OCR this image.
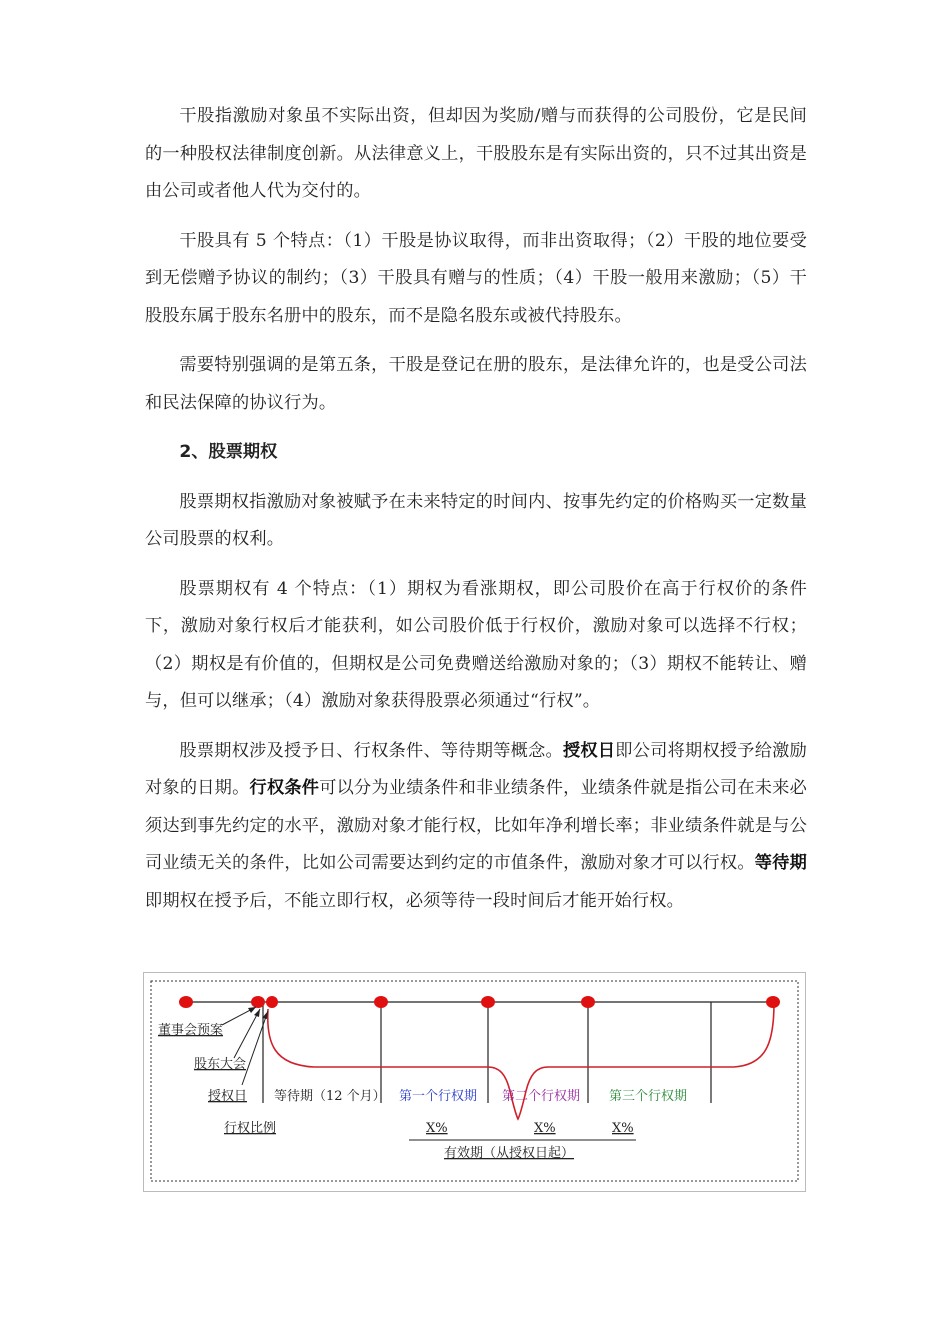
干股指激励对象虽不实际出资，但却因为奖励/赠与而获得的公司股份，它是民间的一种股权法律制度创新。从法律意义上，干股股东是有实际出资的，只不过其出资是由公司或者他人代为交付的。

干股具有 5 个特点：（1）干股是协议取得，而非出资取得；（2）干股的地位要受到无偿赠予协议的制约；（3）干股具有赠与的性质；（4）干股一般用来激励；（5）干股股东属于股东名册中的股东，而不是隐名股东或被代持股东。

需要特别强调的是第五条，干股是登记在册的股东，是法律允许的，也是受公司法和民法保障的协议行为。

2、股票期权

股票期权指激励对象被赋予在未来特定的时间内、按事先约定的价格购买一定数量公司股票的权利。

股票期权有 4 个特点：（1）期权为看涨期权，即公司股价在高于行权价的条件下，激励对象行权后才能获利，如公司股价低于行权价，激励对象可以选择不行权；（2）期权是有价值的，但期权是公司免费赠送给激励对象的；（3）期权不能转让、赠与，但可以继承；（4）激励对象获得股票必须通过“行权”。

股票期权涉及授予日、行权条件、等待期等概念。授权日即公司将期权授予给激励对象的日期。行权条件可以分为业绩条件和非业绩条件，业绩条件就是指公司在未来必须达到事先约定的水平，激励对象才能行权，比如年净利增长率；非业绩条件就是与公司业绩无关的条件，比如公司需要达到约定的市值条件，激励对象才可以行权。等待期即期权在授予后，不能立即行权，必须等待一段时间后才能开始行权。

董事会预案
股东大会
授权日
行权比例
等待期（12 个月） 第一个行权期 第二个行权期 第三个行权期
X%	X%	X%
有效期（从授权日起）
